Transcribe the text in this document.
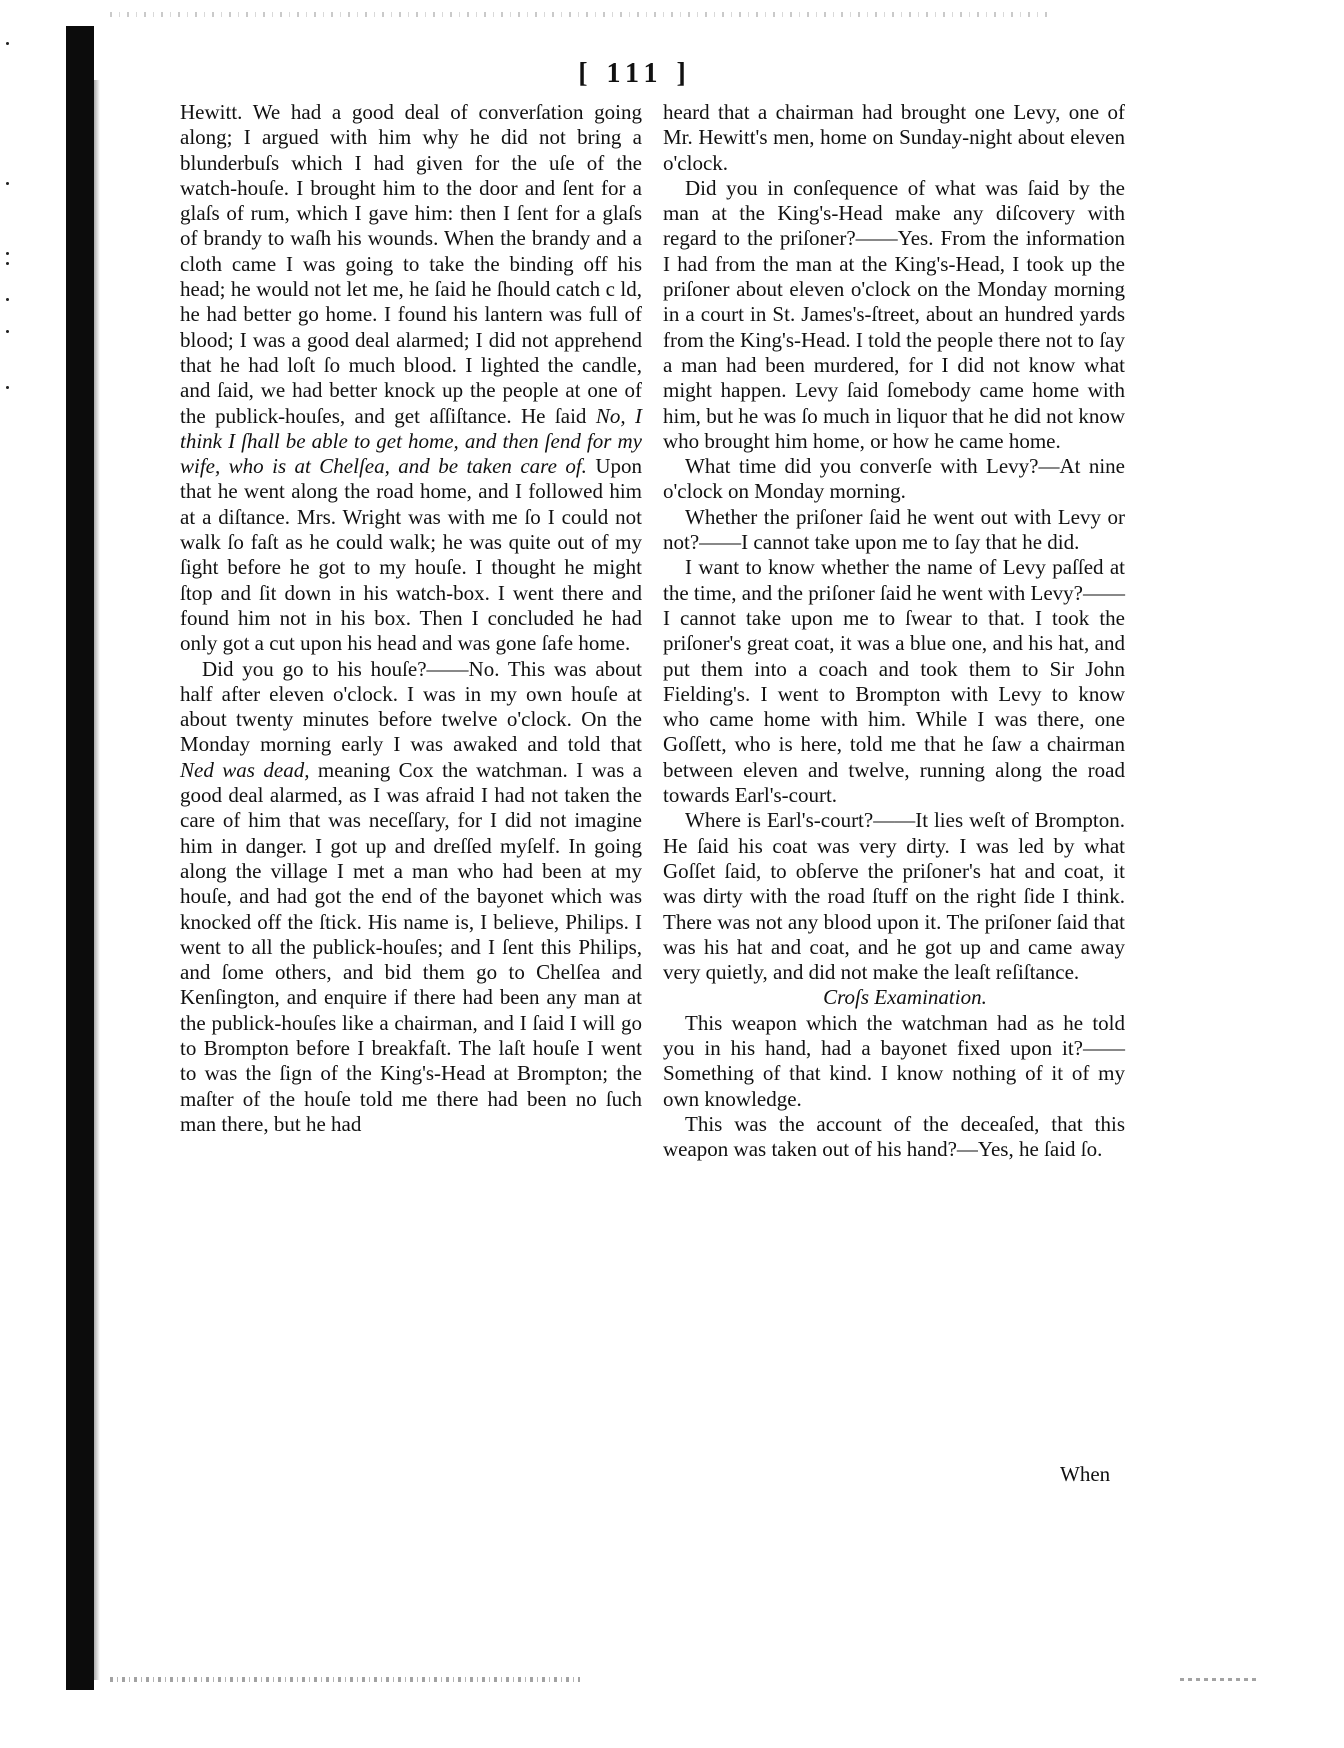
[ 111 ]

Hewitt. We had a good deal of converſation going along; I argued with him why he did not bring a blunderbuſs which I had given for the uſe of the watch-houſe. I brought him to the door and ſent for a glaſs of rum, which I gave him: then I ſent for a glaſs of brandy to waſh his wounds. When the brandy and a cloth came I was going to take the binding off his head; he would not let me, he ſaid he ſhould catch c ld, he had better go home. I found his lantern was full of blood; I was a good deal alarmed; I did not apprehend that he had loſt ſo much blood. I lighted the candle, and ſaid, we had better knock up the people at one of the publick-houſes, and get aſſiſtance. He ſaid No, I think I ſhall be able to get home, and then ſend for my wife, who is at Chelſea, and be taken care of. Upon that he went along the road home, and I followed him at a diſtance. Mrs. Wright was with me ſo I could not walk ſo faſt as he could walk; he was quite out of my ſight before he got to my houſe. I thought he might ſtop and ſit down in his watch-box. I went there and found him not in his box. Then I concluded he had only got a cut upon his head and was gone ſafe home.

Did you go to his houſe?——No. This was about half after eleven o'clock. I was in my own houſe at about twenty minutes before twelve o'clock. On the Monday morning early I was awaked and told that Ned was dead, meaning Cox the watchman. I was a good deal alarmed, as I was afraid I had not taken the care of him that was neceſſary, for I did not imagine him in danger. I got up and dreſſed myſelf. In going along the village I met a man who had been at my houſe, and had got the end of the bayonet which was knocked off the ſtick. His name is, I believe, Philips. I went to all the publick-houſes; and I ſent this Philips, and ſome others, and bid them go to Chelſea and Kenſington, and enquire if there had been any man at the publick-houſes like a chairman, and I ſaid I will go to Brompton before I breakfaſt. The laſt houſe I went to was the ſign of the King's-Head at Brompton; the maſter of the houſe told me there had been no ſuch man there, but he had

heard that a chairman had brought one Levy, one of Mr. Hewitt's men, home on Sunday-night about eleven o'clock.

Did you in conſequence of what was ſaid by the man at the King's-Head make any diſcovery with regard to the priſoner?——Yes. From the information I had from the man at the King's-Head, I took up the priſoner about eleven o'clock on the Monday morning in a court in St. James's-ſtreet, about an hundred yards from the King's-Head. I told the people there not to ſay a man had been murdered, for I did not know what might happen. Levy ſaid ſomebody came home with him, but he was ſo much in liquor that he did not know who brought him home, or how he came home.

What time did you converſe with Levy?—At nine o'clock on Monday morning.

Whether the priſoner ſaid he went out with Levy or not?——I cannot take upon me to ſay that he did.

I want to know whether the name of Levy paſſed at the time, and the priſoner ſaid he went with Levy?——I cannot take upon me to ſwear to that. I took the priſoner's great coat, it was a blue one, and his hat, and put them into a coach and took them to Sir John Fielding's. I went to Brompton with Levy to know who came home with him. While I was there, one Goſſett, who is here, told me that he ſaw a chairman between eleven and twelve, running along the road towards Earl's-court.

Where is Earl's-court?——It lies weſt of Brompton. He ſaid his coat was very dirty. I was led by what Goſſet ſaid, to obſerve the priſoner's hat and coat, it was dirty with the road ſtuff on the right ſide I think. There was not any blood upon it. The priſoner ſaid that was his hat and coat, and he got up and came away very quietly, and did not make the leaſt reſiſtance.

Croſs Examination.

This weapon which the watchman had as he told you in his hand, had a bayonet fixed upon it?——Something of that kind. I know nothing of it of my own knowledge.

This was the account of the deceaſed, that this weapon was taken out of his hand?—Yes, he ſaid ſo.

When
